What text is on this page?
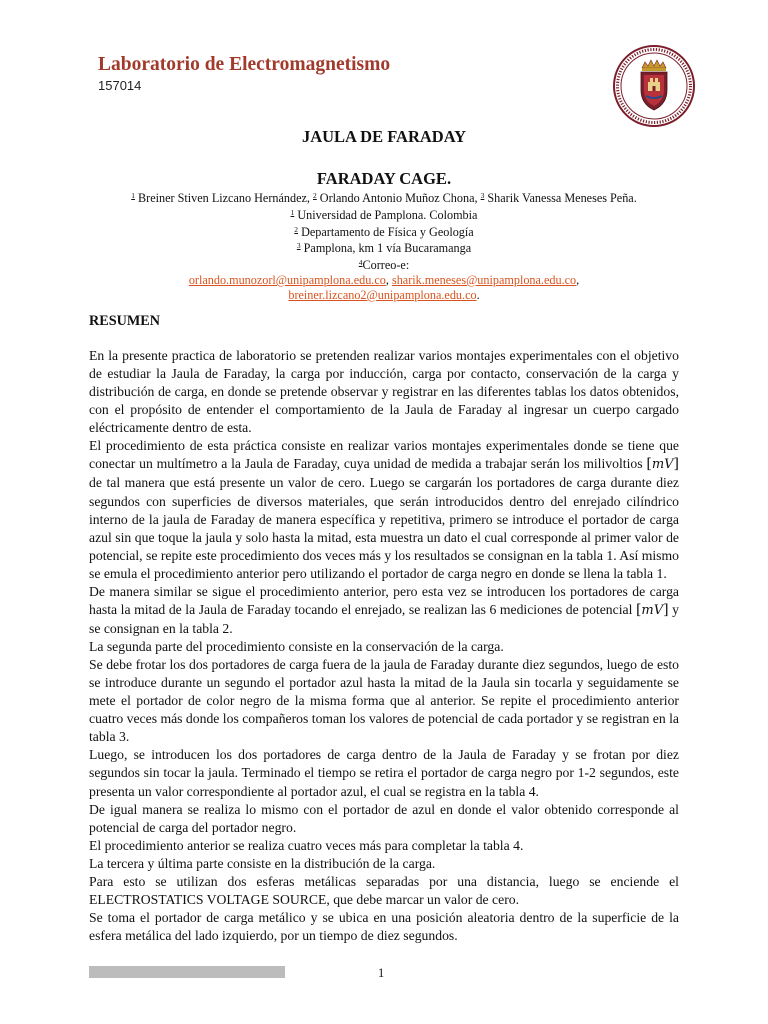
Laboratorio de Electromagnetismo
157014
JAULA DE FARADAY
FARADAY CAGE.
$^1$ Breiner Stiven Lizcano Hernández, $^2$ Orlando Antonio Muñoz Chona, $^3$ Sharik Vanessa Meneses Peña.
$^1$ Universidad de Pamplona. Colombia
$^2$ Departamento de Física y Geología
$^3$ Pamplona, km 1 vía Bucaramanga
$^4$Correo-e:
orlando.munozorl@unipamplona.edu.co, sharik.meneses@unipamplona.edu.co,
breiner.lizcano2@unipamplona.edu.co.
RESUMEN

En la presente practica de laboratorio se pretenden realizar varios montajes experimentales con el objetivo de estudiar la Jaula de Faraday, la carga por inducción, carga por contacto, conservación de la carga y distribución de carga, en donde se pretende observar y registrar en las diferentes tablas los datos obtenidos, con el propósito de entender el comportamiento de la Jaula de Faraday al ingresar un cuerpo cargado eléctricamente dentro de esta.

El procedimiento de esta práctica consiste en realizar varios montajes experimentales donde se tiene que conectar un multímetro a la Jaula de Faraday, cuya unidad de medida a trabajar serán los milivoltios [mV] de tal manera que está presente un valor de cero. Luego se cargarán los portadores de carga durante diez segundos con superficies de diversos materiales, que serán introducidos dentro del enrejado cilíndrico interno de la jaula de Faraday de manera específica y repetitiva, primero se introduce el portador de carga azul sin que toque la jaula y solo hasta la mitad, esta muestra un dato el cual corresponde al primer valor de potencial, se repite este procedimiento dos veces más y los resultados se consignan en la tabla 1. Así mismo se emula el procedimiento anterior pero utilizando el portador de carga negro en donde se llena la tabla 1.

De manera similar se sigue el procedimiento anterior, pero esta vez se introducen los portadores de carga hasta la mitad de la Jaula de Faraday tocando el enrejado, se realizan las 6 mediciones de potencial [mV] y se consignan en la tabla 2.

La segunda parte del procedimiento consiste en la conservación de la carga.

Se debe frotar los dos portadores de carga fuera de la jaula de Faraday durante diez segundos, luego de esto se introduce durante un segundo el portador azul hasta la mitad de la Jaula sin tocarla y seguidamente se mete el portador de color negro de la misma forma que al anterior. Se repite el procedimiento anterior cuatro veces más donde los compañeros toman los valores de potencial de cada portador y se registran en la tabla 3.

Luego, se introducen los dos portadores de carga dentro de la Jaula de Faraday y se frotan por diez segundos sin tocar la jaula. Terminado el tiempo se retira el portador de carga negro por 1-2 segundos, este presenta un valor correspondiente al portador azul, el cual se registra en la tabla 4.

De igual manera se realiza lo mismo con el portador de azul en donde el valor obtenido corresponde al potencial de carga del portador negro.

El procedimiento anterior se realiza cuatro veces más para completar la tabla 4.

La tercera y última parte consiste en la distribución de la carga.

Para esto se utilizan dos esferas metálicas separadas por una distancia, luego se enciende el ELECTROSTATICS VOLTAGE SOURCE, que debe marcar un valor de cero.

Se toma el portador de carga metálico y se ubica en una posición aleatoria dentro de la superficie de la esfera metálica del lado izquierdo, por un tiempo de diez segundos.

1
